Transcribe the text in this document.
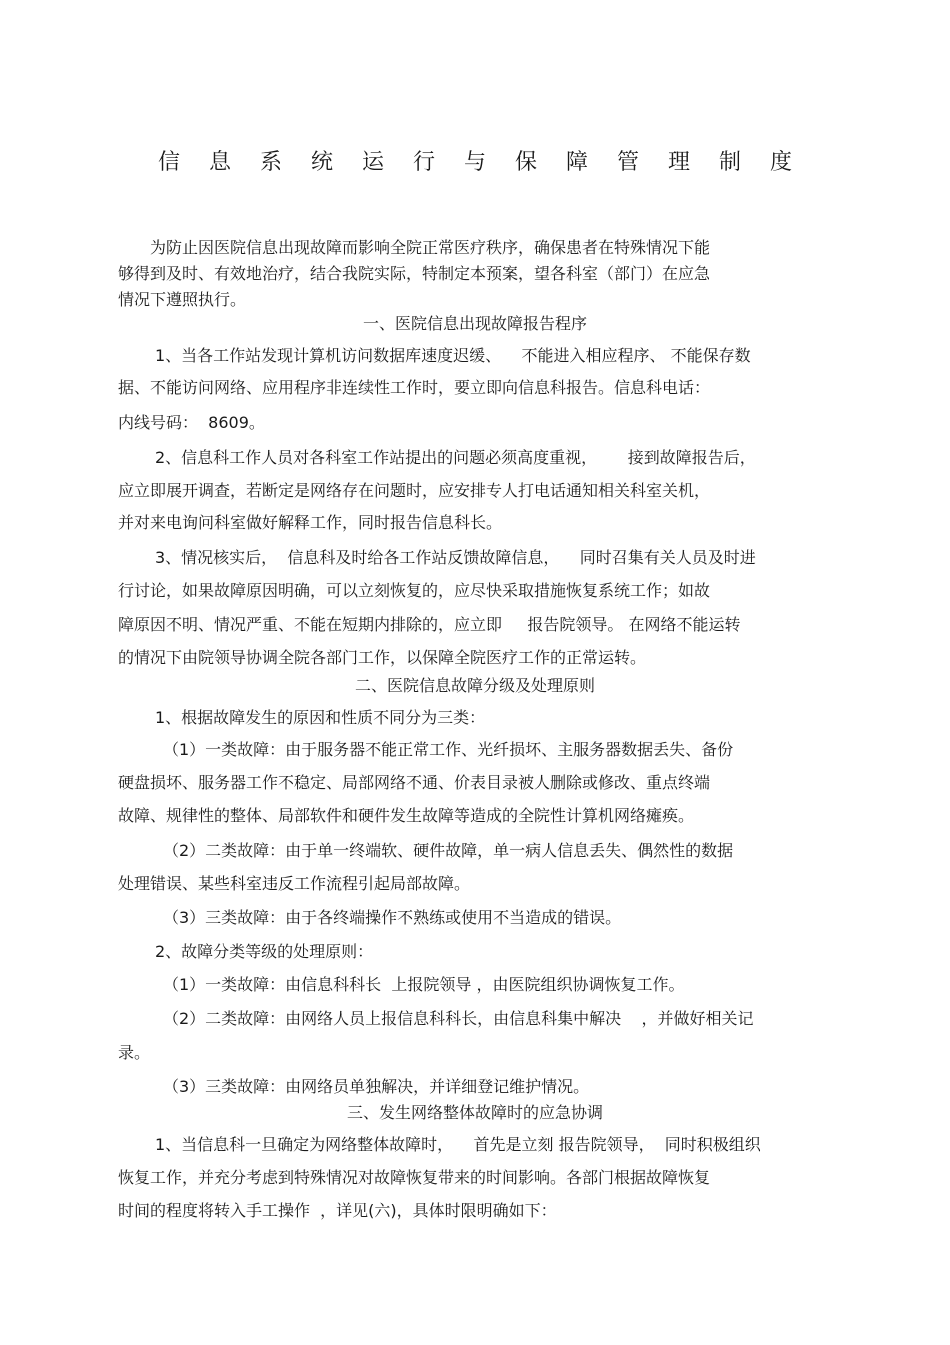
信息系统运行与保障管理制度

为防止因医院信息出现故障而影响全院正常医疗秩序，确保患者在特殊情况下能

够得到及时、有效地治疗，结合我院实际，特制定本预案，望各科室（部门）在应急

情况下遵照执行。

一、医院信息出现故障报告程序

1、当各工作站发现计算机访问数据库速度迟缓、    不能进入相应程序、 不能保存数

据、不能访问网络、应用程序非连续性工作时，要立即向信息科报告。信息科电话：

内线号码：  8609。

2、信息科工作人员对各科室工作站提出的问题必须高度重视，      接到故障报告后，

应立即展开调查，若断定是网络存在问题时，应安排专人打电话通知相关科室关机，

并对来电询问科室做好解释工作，同时报告信息科长。

3、情况核实后，  信息科及时给各工作站反馈故障信息，    同时召集有关人员及时进

行讨论，如果故障原因明确，可以立刻恢复的，应尽快采取措施恢复系统工作；如故

障原因不明、情况严重、不能在短期内排除的，应立即     报告院领导。 在网络不能运转

的情况下由院领导协调全院各部门工作，以保障全院医疗工作的正常运转。

二、医院信息故障分级及处理原则

1、根据故障发生的原因和性质不同分为三类：

（1）一类故障：由于服务器不能正常工作、光纤损坏、主服务器数据丢失、备份

硬盘损坏、服务器工作不稳定、局部网络不通、价表目录被人删除或修改、重点终端

故障、规律性的整体、局部软件和硬件发生故障等造成的全院性计算机网络瘫痪。

（2）二类故障：由于单一终端软、硬件故障，单一病人信息丢失、偶然性的数据

处理错误、某些科室违反工作流程引起局部故障。

（3）三类故障：由于各终端操作不熟练或使用不当造成的错误。

2、故障分类等级的处理原则：

（1）一类故障：由信息科科长  上报院领导 ，由医院组织协调恢复工作。

（2）二类故障：由网络人员上报信息科科长，由信息科集中解决    ，并做好相关记

录。

（3）三类故障：由网络员单独解决，并详细登记维护情况。

三、发生网络整体故障时的应急协调

1、当信息科一旦确定为网络整体故障时，    首先是立刻 报告院领导，  同时积极组织

恢复工作，并充分考虑到特殊情况对故障恢复带来的时间影响。各部门根据故障恢复

时间的程度将转入手工操作  ，详见(六)，具体时限明确如下：
